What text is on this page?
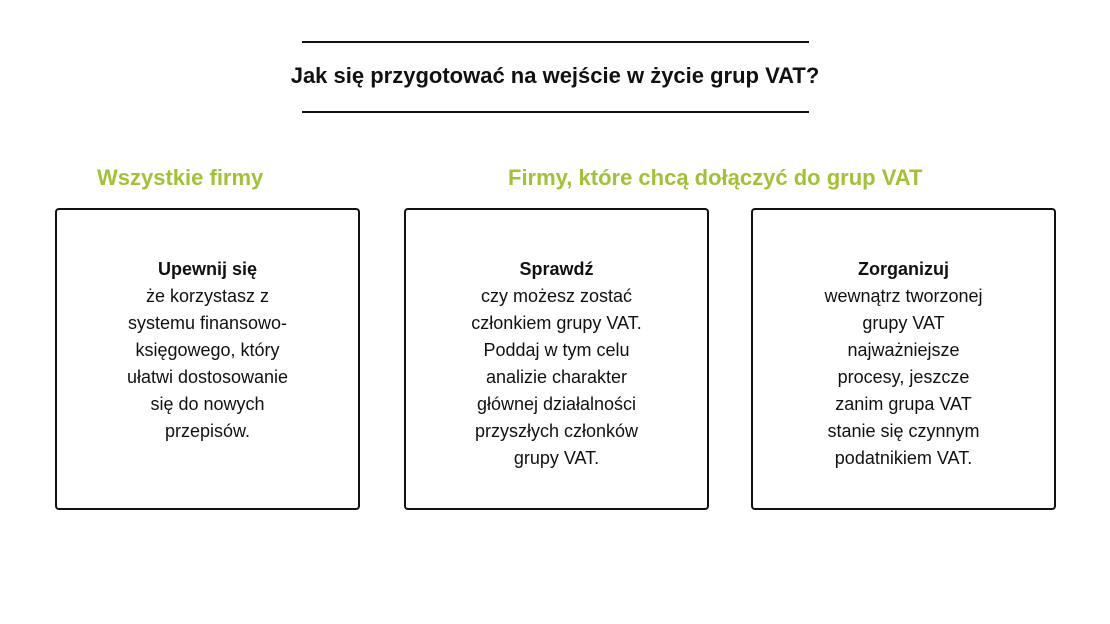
Jak się przygotować na wejście w życie grup VAT?
Wszystkie firmy	Firmy, które chcą dołączyć do grup VAT
Upewnij się
że korzystasz z
systemu finansowo-
księgowego, który
ułatwi dostosowanie
się do nowych
przepisów.
Sprawdź
czy możesz zostać
członkiem grupy VAT.
Poddaj w tym celu
analizie charakter
głównej działalności
przyszłych członków
grupy VAT.
Zorganizuj
wewnątrz tworzonej
grupy VAT
najważniejsze
procesy, jeszcze
zanim grupa VAT
stanie się czynnym
podatnikiem VAT.
